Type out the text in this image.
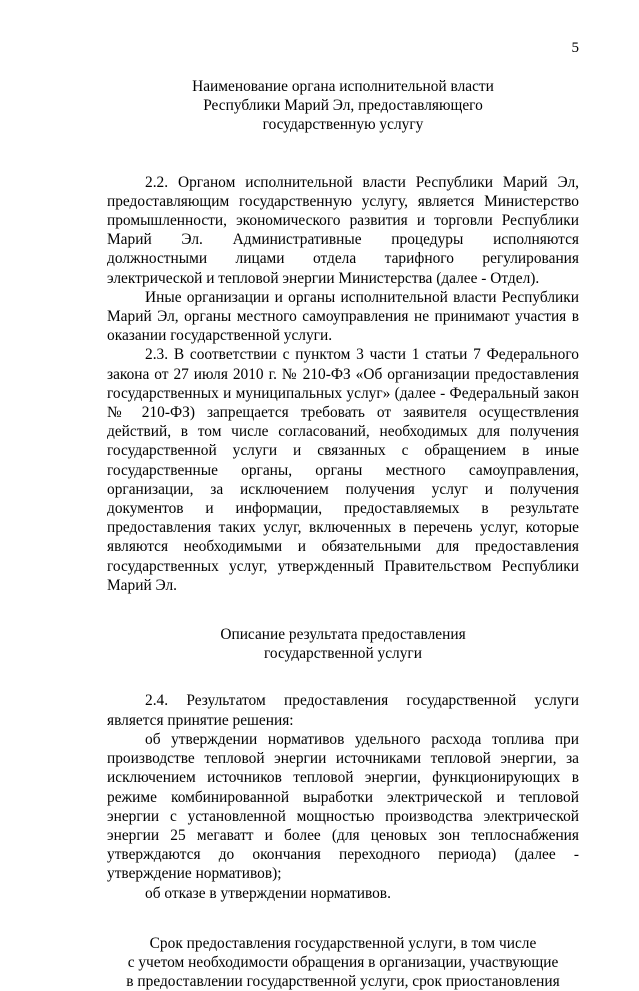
5
Наименование органа исполнительной власти
Республики Марий Эл, предоставляющего
государственную услугу

2.2. Органом исполнительной власти Республики Марий Эл, предоставляющим государственную услугу, является Министерство промышленности, экономического развития и торговли Республики Марий Эл. Административные процедуры исполняются должностными лицами отдела тарифного регулирования электрической и тепловой энергии Министерства (далее - Отдел).

Иные организации и органы исполнительной власти Республики Марий Эл, органы местного самоуправления не принимают участия в оказании государственной услуги.

2.3. В соответствии с пунктом 3 части 1 статьи 7 Федерального закона от 27 июля 2010 г. № 210-ФЗ «Об организации предоставления государственных и муниципальных услуг» (далее - Федеральный закон № 210-ФЗ) запрещается требовать от заявителя осуществления действий, в том числе согласований, необходимых для получения государственной услуги и связанных с обращением в иные государственные органы, органы местного самоуправления, организации, за исключением получения услуг и получения документов и информации, предоставляемых в результате предоставления таких услуг, включенных в перечень услуг, которые являются необходимыми и обязательными для предоставления государственных услуг, утвержденный Правительством Республики Марий Эл.

Описание результата предоставления
государственной услуги

2.4. Результатом предоставления государственной услуги является принятие решения:

об утверждении нормативов удельного расхода топлива при производстве тепловой энергии источниками тепловой энергии, за исключением источников тепловой энергии, функционирующих в режиме комбинированной выработки электрической и тепловой энергии с установленной мощностью производства электрической энергии 25 мегаватт и более (для ценовых зон теплоснабжения утверждаются до окончания переходного периода) (далее - утверждение нормативов);

об отказе в утверждении нормативов.

Срок предоставления государственной услуги, в том числе
с учетом необходимости обращения в организации, участвующие
в предоставлении государственной услуги, срок приостановления
